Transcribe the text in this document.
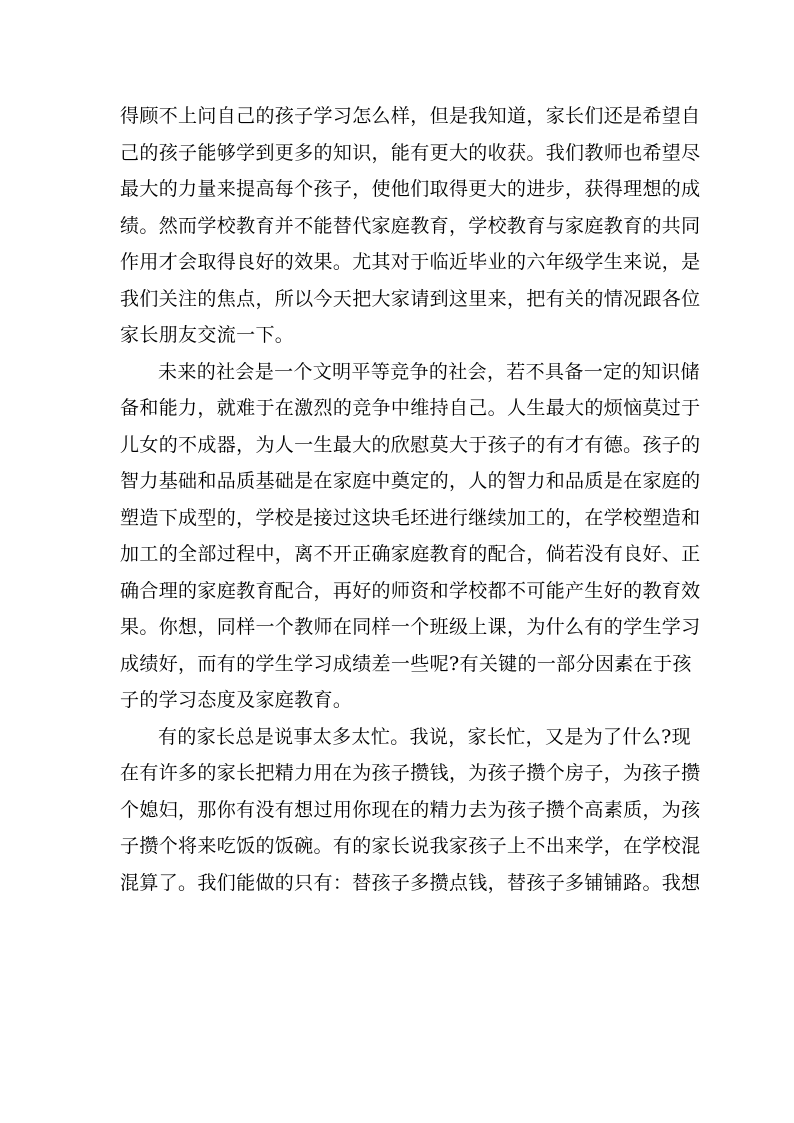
得顾不上问自己的孩子学习怎么样，但是我知道，家长们还是希望自
己的孩子能够学到更多的知识，能有更大的收获。我们教师也希望尽
最大的力量来提高每个孩子，使他们取得更大的进步，获得理想的成
绩。然而学校教育并不能替代家庭教育，学校教育与家庭教育的共同
作用才会取得良好的效果。尤其对于临近毕业的六年级学生来说，是
我们关注的焦点，所以今天把大家请到这里来，把有关的情况跟各位
家长朋友交流一下。
未来的社会是一个文明平等竞争的社会，若不具备一定的知识储
备和能力，就难于在激烈的竞争中维持自己。人生最大的烦恼莫过于
儿女的不成器，为人一生最大的欣慰莫大于孩子的有才有德。孩子的
智力基础和品质基础是在家庭中奠定的，人的智力和品质是在家庭的
塑造下成型的，学校是接过这块毛坯进行继续加工的，在学校塑造和
加工的全部过程中，离不开正确家庭教育的配合，倘若没有良好、正
确合理的家庭教育配合，再好的师资和学校都不可能产生好的教育效
果。你想，同样一个教师在同样一个班级上课，为什么有的学生学习
成绩好，而有的学生学习成绩差一些呢?有关键的一部分因素在于孩
子的学习态度及家庭教育。
有的家长总是说事太多太忙。我说，家长忙，又是为了什么?现
在有许多的家长把精力用在为孩子攒钱，为孩子攒个房子，为孩子攒
个媳妇，那你有没有想过用你现在的精力去为孩子攒个高素质，为孩
子攒个将来吃饭的饭碗。有的家长说我家孩子上不出来学，在学校混
混算了。我们能做的只有：替孩子多攒点钱，替孩子多铺铺路。我想
